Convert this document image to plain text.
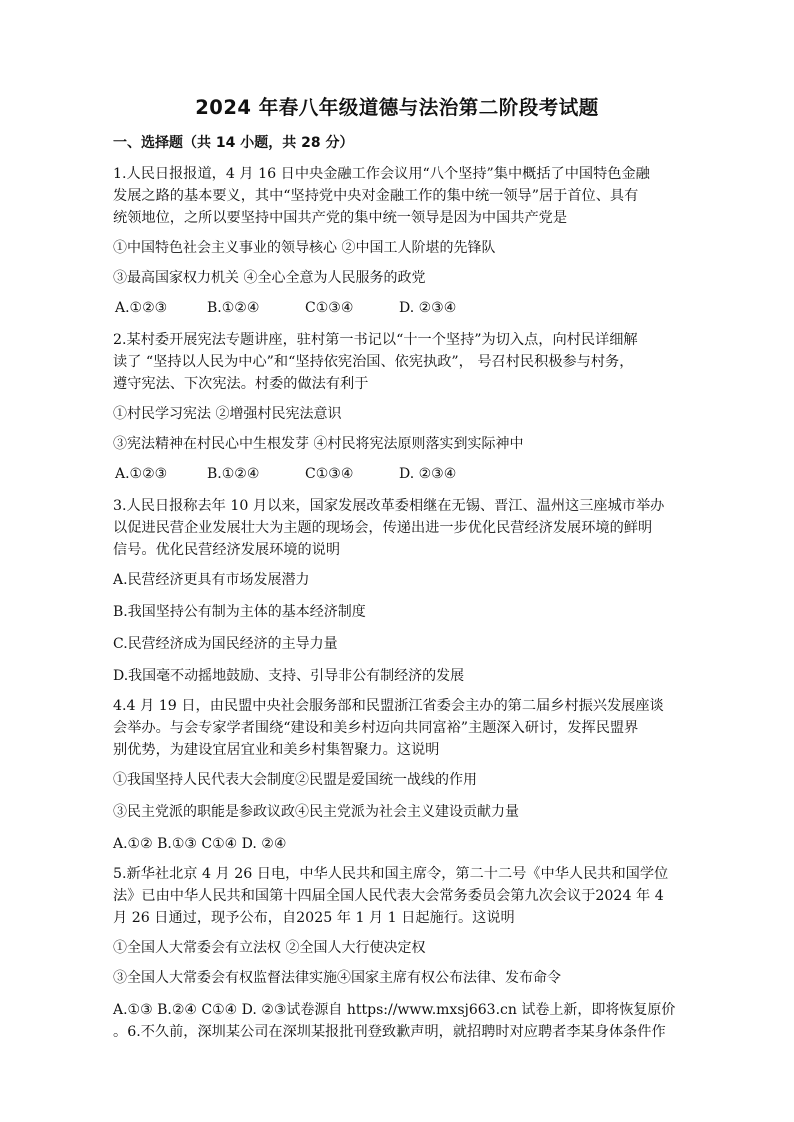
2024 年春八年级道德与法治第二阶段考试题
一、选择题（共 14 小题，共 28 分）
1.人民日报报道，4 月 16 日中央金融工作会议用“八个坚持”集中概括了中国特色金融
发展之路的基本要义，其中“坚持党中央对金融工作的集中统一领导”居于首位、具有
统领地位，之所以要坚持中国共产党的集中统一领导是因为中国共产党是
①中国特色社会主义事业的领导核心 ②中国工人阶堪的先锋队
③最高国家权力机关 ④全心全意为人民服务的政党
A.①②③	B.①②④	C①③④	D. ②③④
2.某村委开展宪法专题讲座，驻村第一书记以“十一个坚持”为切入点，向村民详细解
读了 “坚持以人民为中心”和“坚持依宪治国、依宪执政”， 号召村民积极参与村务，
遵守宪法、下次宪法。村委的做法有利于
①村民学习宪法 ②增强村民宪法意识
③宪法精神在村民心中生根发芽 ④村民将宪法原则落实到实际神中
A.①②③	B.①②④	C①③④	D. ②③④
3.人民日报称去年 10 月以来，国家发展改革委相继在无锡、晋江、温州这三座城市举办
以促进民营企业发展壮大为主题的现场会，传递出进一步优化民营经济发展环境的鲜明
信号。优化民营经济发展环境的说明
A.民营经济更具有市场发展潜力
B.我国坚持公有制为主体的基本经济制度
C.民营经济成为国民经济的主导力量
D.我国毫不动摇地鼓励、支持、引导非公有制经济的发展
4.4 月 19 日，由民盟中央社会服务部和民盟浙江省委会主办的第二届乡村振兴发展座谈
会举办。与会专家学者围绕“建设和美乡村迈向共同富裕”主题深入研讨，发挥民盟界
别优势，为建设宜居宜业和美乡村集智聚力。这说明
①我国坚持人民代表大会制度②民盟是爱国统一战线的作用
③民主党派的职能是参政议政④民主党派为社会主义建设贡献力量
A.①② B.①③ C①④ D. ②④
5.新华社北京 4 月 26 日电，中华人民共和国主席令，第二十二号《中华人民共和国学位
法》已由中华人民共和国第十四届全国人民代表大会常务委员会第九次会议于2024 年 4
月 26 日通过，现予公布，自2025 年 1 月 1 日起施行。这说明
①全国人大常委会有立法权 ②全国人大行使决定权
③全国人大常委会有权监督法律实施④国家主席有权公布法律、发布命令
A.①③ B.②④ C①④ D. ②③试卷源自 https://www.mxsj663.cn 试卷上新，即将恢复原价
。6.不久前，深圳某公司在深圳某报批刊登致歉声明，就招聘时对应聘者李某身体条件作
